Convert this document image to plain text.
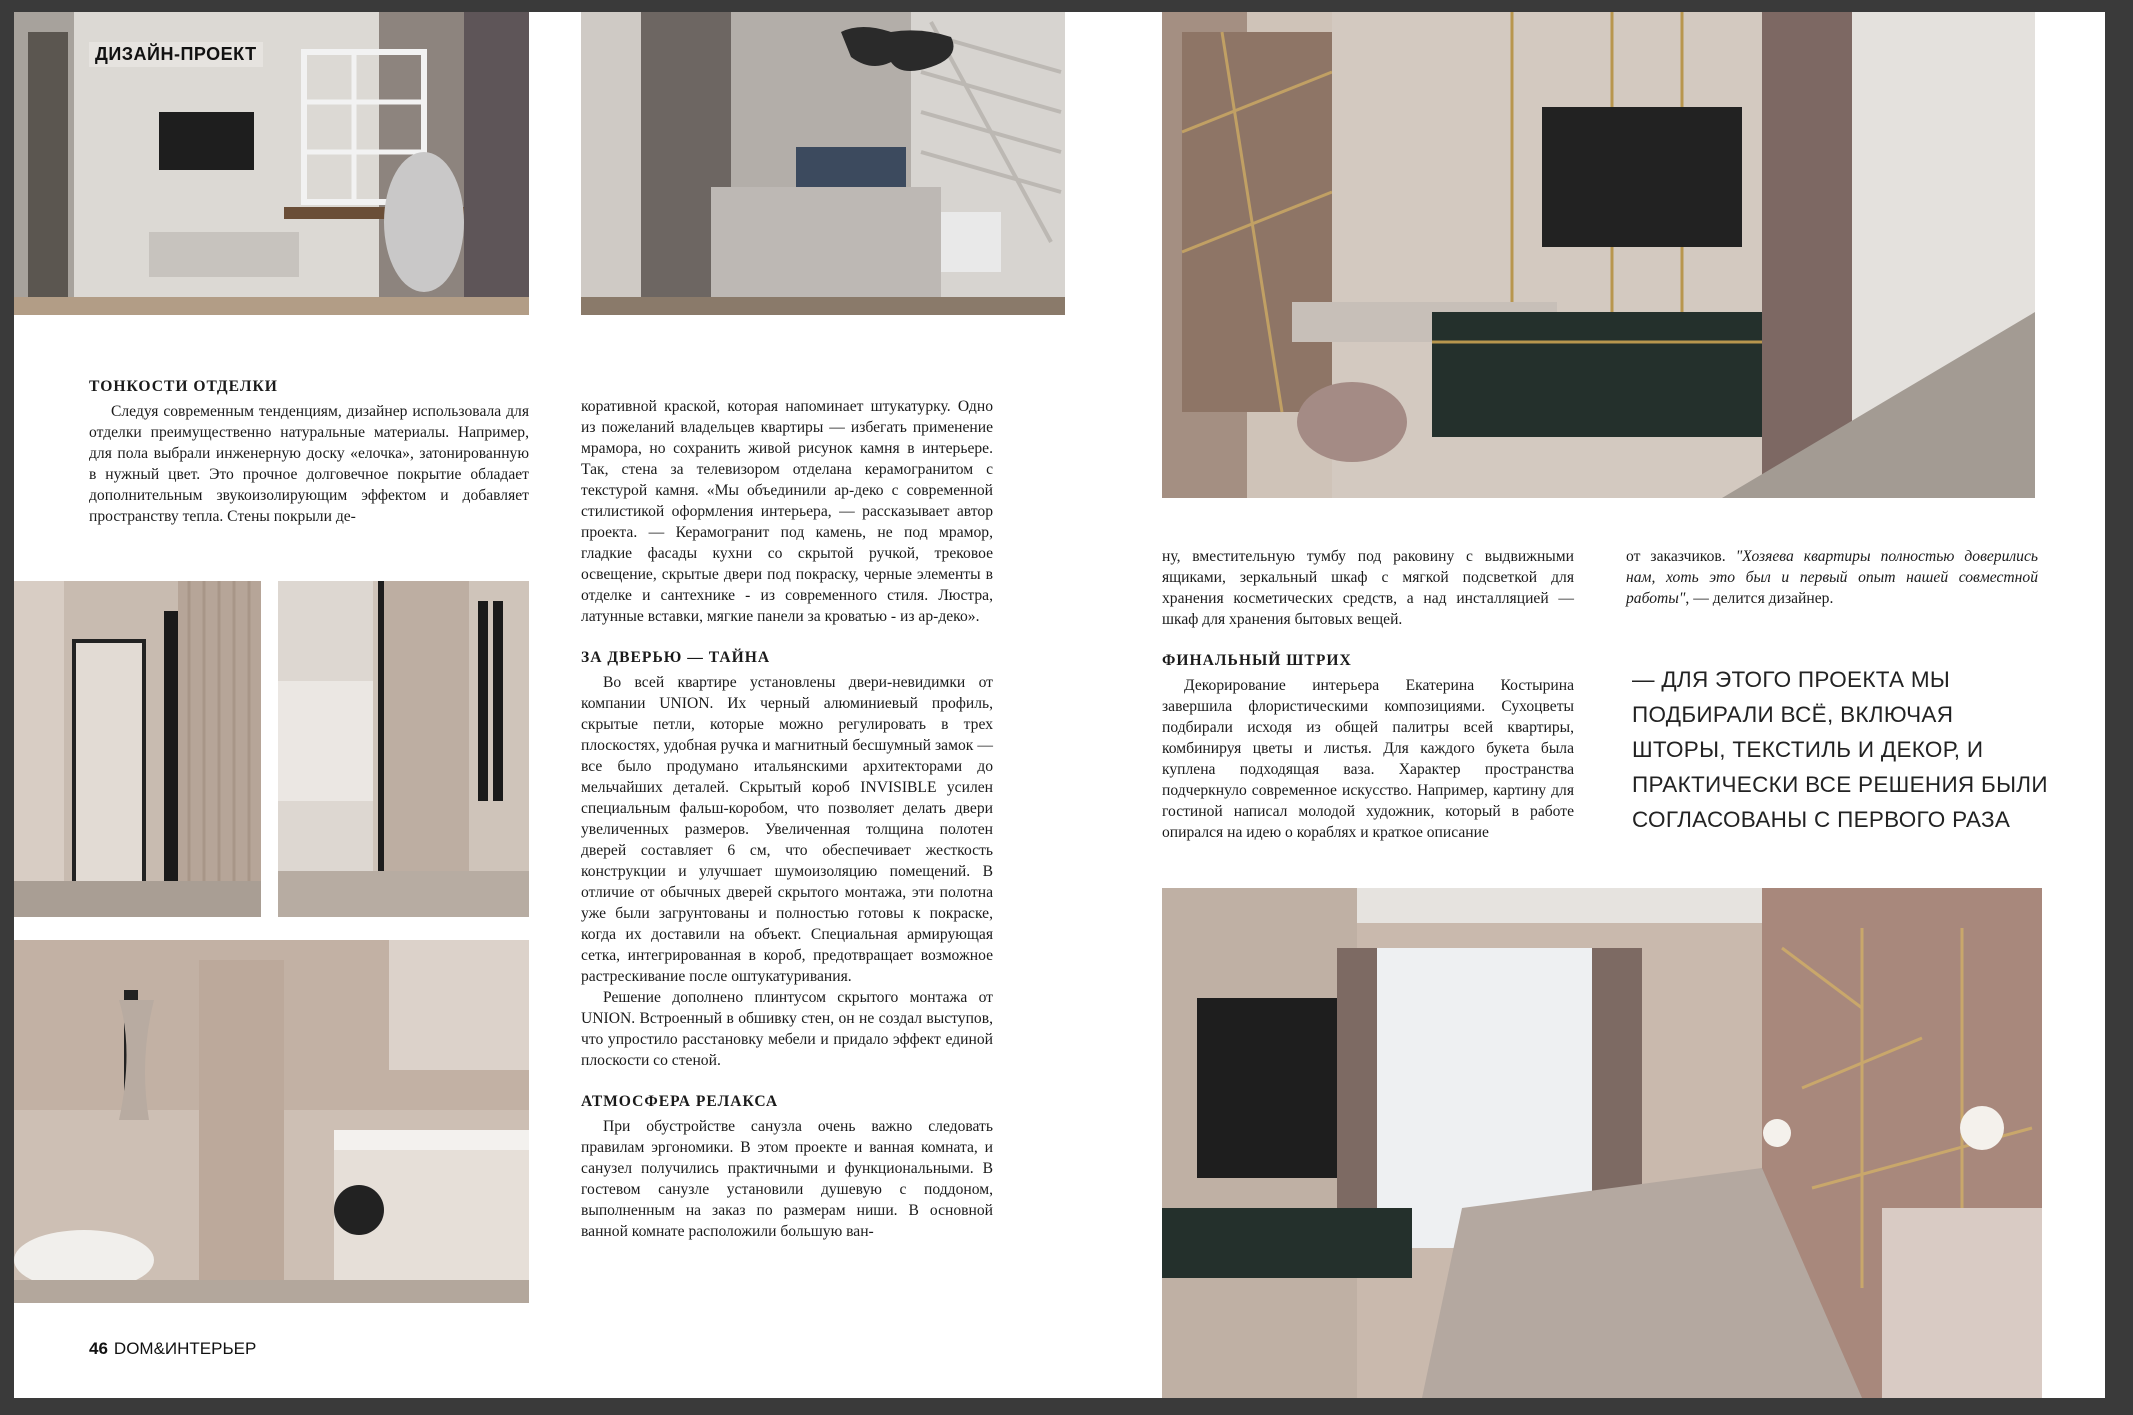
ДИЗАЙН-ПРОЕКТ
ТОНКОСТИ ОТДЕЛКИ

Следуя современным тенденциям, дизайнер использовала для отделки преимущественно натуральные материалы. Например, для пола выбрали инженерную доску «елочка», затонированную в нужный цвет. Это прочное долговечное покрытие обладает дополнительным звукоизолирующим эффектом и добавляет пространству тепла. Стены покрыли де-

коративной краской, которая напоминает штукатурку. Одно из пожеланий владельцев квартиры — избегать применение мрамора, но сохранить живой рисунок камня в интерьере. Так, стена за телевизором отделана керамогранитом с текстурой камня. «Мы объединили ар-деко с современной стилистикой оформления интерьера, — рассказывает автор проекта. — Керамогранит под камень, не под мрамор, гладкие фасады кухни со скрытой ручкой, трековое освещение, скрытые двери под покраску, черные элементы в отделке и сантехнике - из современного стиля. Люстра, латунные вставки, мягкие панели за кроватью - из ар-деко».

ЗА ДВЕРЬЮ — ТАЙНА

Во всей квартире установлены двери-невидимки от компании UNION. Их черный алюминиевый профиль, скрытые петли, которые можно регулировать в трех плоскостях, удобная ручка и магнитный бесшумный замок — все было продумано итальянскими архитекторами до мельчайших деталей. Скрытый короб INVISIBLE усилен специальным фальш-коробом, что позволяет делать двери увеличенных размеров. Увеличенная толщина полотен дверей составляет 6 см, что обеспечивает жесткость конструкции и улучшает шумоизоляцию помещений. В отличие от обычных дверей скрытого монтажа, эти полотна уже были загрунтованы и полностью готовы к покраске, когда их доставили на объект. Специальная армирующая сетка, интегрированная в короб, предотвращает возможное растрескивание после оштукатуривания.

Решение дополнено плинтусом скрытого монтажа от UNION. Встроенный в обшивку стен, он не создал выступов, что упростило расстановку мебели и придало эффект единой плоскости со стеной.

АТМОСФЕРА РЕЛАКСА

При обустройстве санузла очень важно следовать правилам эргономики. В этом проекте и ванная комната, и санузел получились практичными и функциональными. В гостевом санузле установили душевую с поддоном, выполненным на заказ по размерам ниши. В основной ванной комнате расположили большую ван-

ну, вместительную тумбу под раковину с выдвижными ящиками, зеркальный шкаф с мягкой подсветкой для хранения косметических средств, а над инсталляцией — шкаф для хранения бытовых вещей.

ФИНАЛЬНЫЙ ШТРИХ

Декорирование интерьера Екатерина Костырина завершила флористическими композициями. Сухоцветы подбирали исходя из общей палитры всей квартиры, комбинируя цветы и листья. Для каждого букета была куплена подходящая ваза. Характер пространства подчеркнуло современное искусство. Например, картину для гостиной написал молодой художник, который в работе опирался на идею о кораблях и краткое описание

от заказчиков. "Хозяева квартиры полностью доверились нам, хоть это был и первый опыт нашей совместной работы", — делится дизайнер.

— ДЛЯ ЭТОГО ПРОЕКТА МЫ ПОДБИРАЛИ ВСЁ, ВКЛЮЧАЯ ШТОРЫ, ТЕКСТИЛЬ И ДЕКОР, И ПРАКТИЧЕСКИ ВСЕ РЕШЕНИЯ БЫЛИ СОГЛАСОВАНЫ С ПЕРВОГО РАЗА
46 DOM&ИНТЕРЬЕР
